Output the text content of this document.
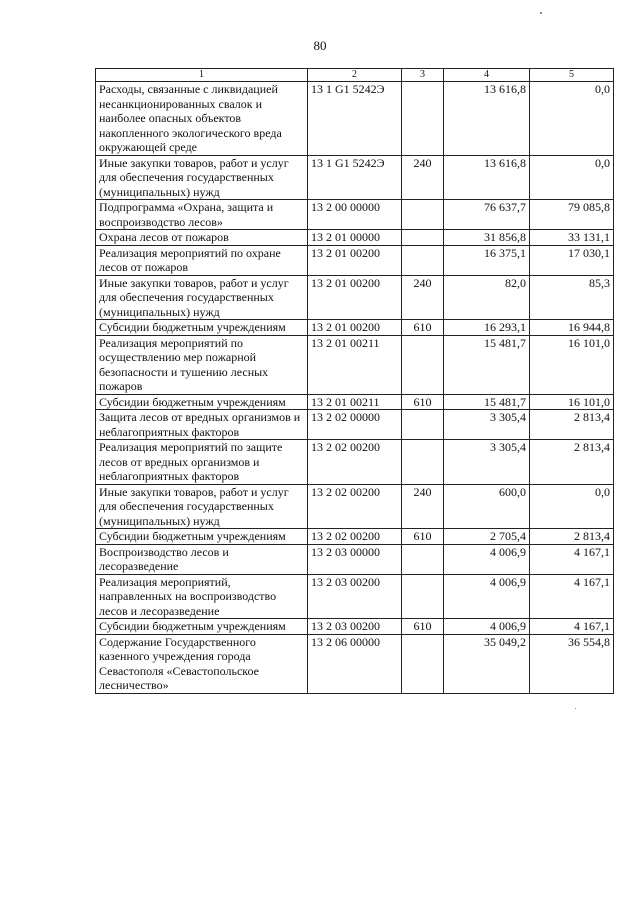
80
1	2	3	4	5
Расходы, связанные с ликвидацией несанкционированных свалок и наиболее опасных объектов накопленного экологического вреда окружающей среде	13 1 G1 5242Э		13 616,8	0,0
Иные закупки товаров, работ и услуг для обеспечения государственных (муниципальных) нужд	13 1 G1 5242Э	240	13 616,8	0,0
Подпрограмма «Охрана, защита и воспроизводство лесов»	13 2 00 00000		76 637,7	79 085,8
Охрана лесов от пожаров	13 2 01 00000		31 856,8	33 131,1
Реализация мероприятий по охране лесов от пожаров	13 2 01 00200		16 375,1	17 030,1
Иные закупки товаров, работ и услуг для обеспечения государственных (муниципальных) нужд	13 2 01 00200	240	82,0	85,3
Субсидии бюджетным учреждениям	13 2 01 00200	610	16 293,1	16 944,8
Реализация мероприятий по осуществлению мер пожарной безопасности и тушению лесных пожаров	13 2 01 00211		15 481,7	16 101,0
Субсидии бюджетным учреждениям	13 2 01 00211	610	15 481,7	16 101,0
Защита лесов от вредных организмов и неблагоприятных факторов	13 2 02 00000		3 305,4	2 813,4
Реализация мероприятий по защите лесов от вредных организмов и неблагоприятных факторов	13 2 02 00200		3 305,4	2 813,4
Иные закупки товаров, работ и услуг для обеспечения государственных (муниципальных) нужд	13 2 02 00200	240	600,0	0,0
Субсидии бюджетным учреждениям	13 2 02 00200	610	2 705,4	2 813,4
Воспроизводство лесов и лесоразведение	13 2 03 00000		4 006,9	4 167,1
Реализация мероприятий, направленных на воспроизводство лесов и лесоразведение	13 2 03 00200		4 006,9	4 167,1
Субсидии бюджетным учреждениям	13 2 03 00200	610	4 006,9	4 167,1
Содержание Государственного казенного учреждения города Севастополя «Севастопольское лесничество»	13 2 06 00000		35 049,2	36 554,8
